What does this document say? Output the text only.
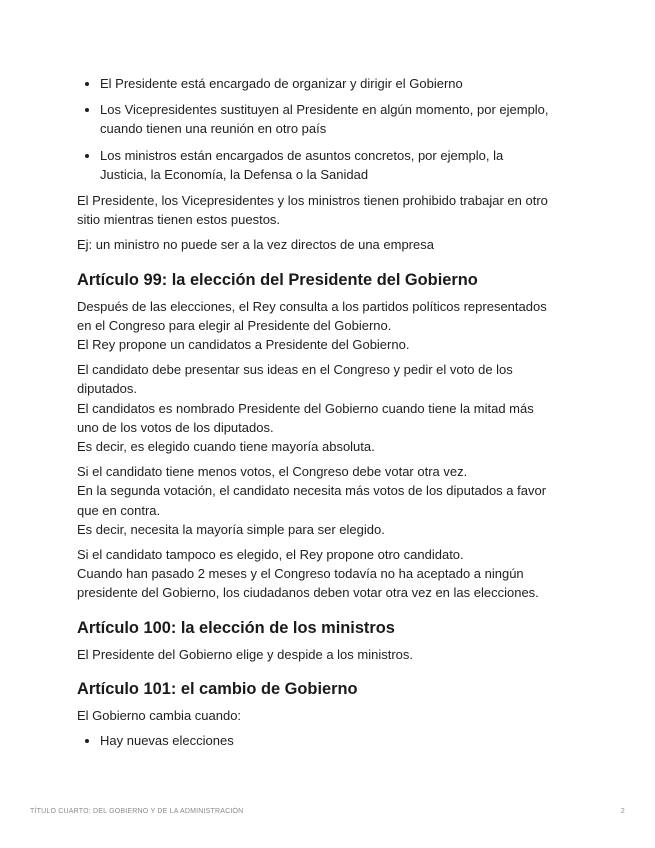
• El Presidente está encargado de organizar y dirigir el Gobierno
• Los Vicepresidentes sustituyen al Presidente en algún momento, por ejemplo,
cuando tienen una reunión en otro país
• Los ministros están encargados de asuntos concretos, por ejemplo, la
Justicia, la Economía, la Defensa o la Sanidad

El Presidente, los Vicepresidentes y los ministros tienen prohibido trabajar en otro
sitio mientras tienen estos puestos.

Ej: un ministro no puede ser a la vez directos de una empresa

Artículo 99: la elección del Presidente del Gobierno

Después de las elecciones, el Rey consulta a los partidos políticos representados
en el Congreso para elegir al Presidente del Gobierno.
El Rey propone un candidatos a Presidente del Gobierno.

El candidato debe presentar sus ideas en el Congreso y pedir el voto de los
diputados.
El candidatos es nombrado Presidente del Gobierno cuando tiene la mitad más
uno de los votos de los diputados.
Es decir, es elegido cuando tiene mayoría absoluta.

Si el candidato tiene menos votos, el Congreso debe votar otra vez.
En la segunda votación, el candidato necesita más votos de los diputados a favor
que en contra.
Es decir, necesita la mayoría simple para ser elegido.

Si el candidato tampoco es elegido, el Rey propone otro candidato.
Cuando han pasado 2 meses y el Congreso todavía no ha aceptado a ningún
presidente del Gobierno, los ciudadanos deben votar otra vez en las elecciones.

Artículo 100: la elección de los ministros

El Presidente del Gobierno elige y despide a los ministros.

Artículo 101: el cambio de Gobierno

El Gobierno cambia cuando:

• Hay nuevas elecciones
TÍTULO CUARTO: DEL GOBIERNO Y DE LA ADMINISTRACIÓN	2
